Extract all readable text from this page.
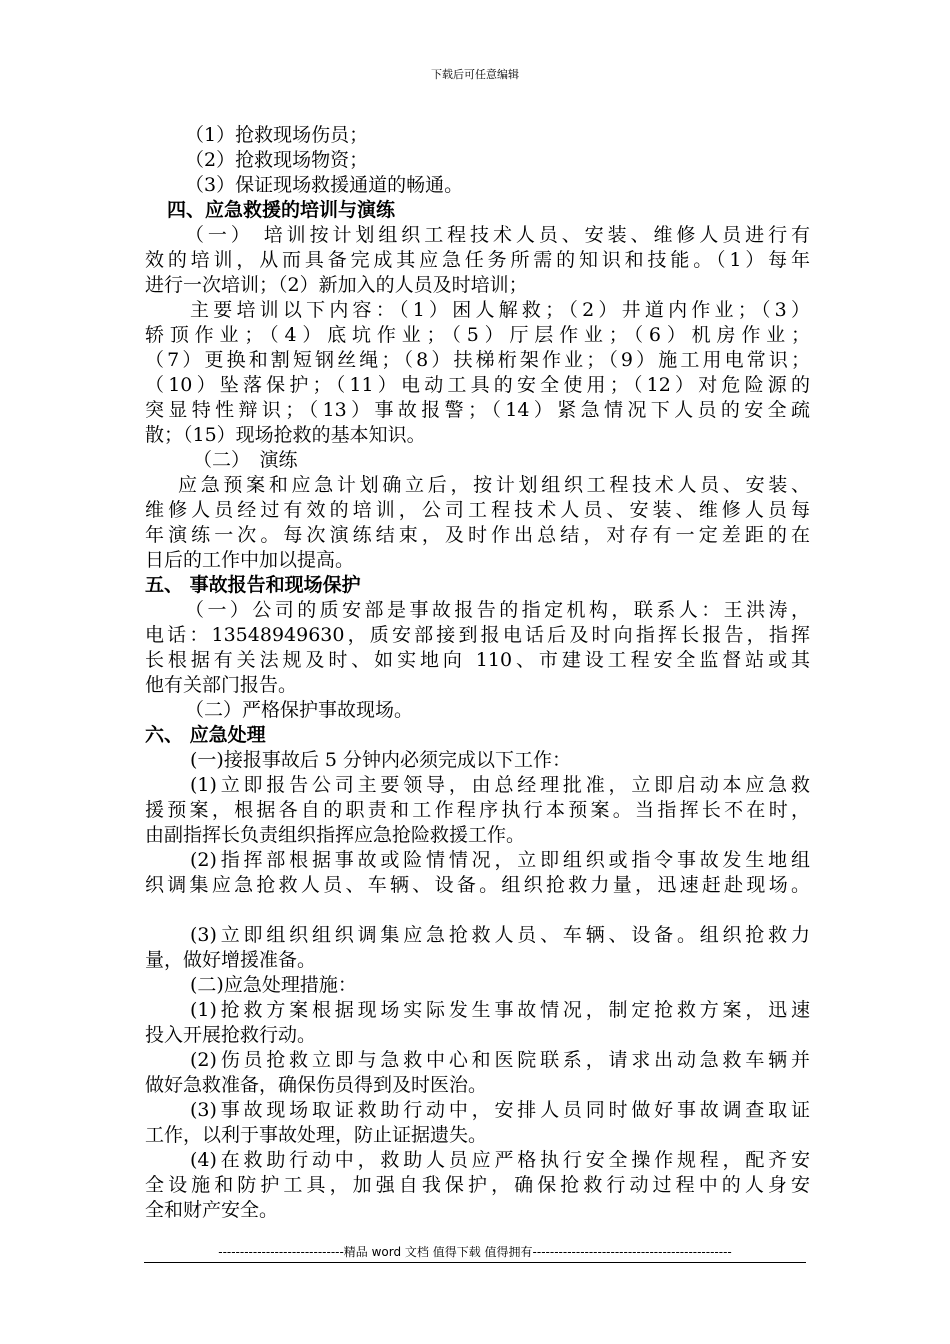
下载后可任意编辑
（1）抢救现场伤员；
（2）抢救现场物资；
（3）保证现场救援通道的畅通。
四、应急救援的培训与演练
（一） 培训按计划组织工程技术人员、安装、维修人员进行有
效的培训，从而具备完成其应急任务所需的知识和技能。（1）每年
进行一次培训；（2）新加入的人员及时培训；
主要培训以下内容：（1）困人解救；（2）井道内作业；（3）
轿顶作业；（4）底坑作业；（5）厅层作业；（6）机房作业；
（7）更换和割短钢丝绳；（8）扶梯桁架作业；（9）施工用电常识；
（10）坠落保护；（11）电动工具的安全使用；（12）对危险源的
突显特性辩识；（13）事故报警；（14）紧急情况下人员的安全疏
散；（15）现场抢救的基本知识。
（二）　演练
应急预案和应急计划确立后，按计划组织工程技术人员、安装、
维修人员经过有效的培训，公司工程技术人员、安装、维修人员每
年演练一次。每次演练结束，及时作出总结，对存有一定差距的在
日后的工作中加以提高。
五、 事故报告和现场保护
（一）公司的质安部是事故报告的指定机构，联系人：王洪涛，
电话：13548949630，质安部接到报电话后及时向指挥长报告，指挥
长根据有关法规及时、如实地向 110、市建设工程安全监督站或其
他有关部门报告。
（二）严格保护事故现场。
六、 应急处理
(一)接报事故后 5 分钟内必须完成以下工作：
(1)立即报告公司主要领导，由总经理批准，立即启动本应急救
援预案，根据各自的职责和工作程序执行本预案。当指挥长不在时，
由副指挥长负责组织指挥应急抢险救援工作。
(2)指挥部根据事故或险情情况，立即组织或指令事故发生地组
织调集应急抢救人员、车辆、设备。组织抢救力量，迅速赶赴现场。
(3)立即组织组织调集应急抢救人员、车辆、设备。组织抢救力
量，做好增援准备。
(二)应急处理措施：
(1)抢救方案根据现场实际发生事故情况，制定抢救方案，迅速
投入开展抢救行动。
(2)伤员抢救立即与急救中心和医院联系，请求出动急救车辆并
做好急救准备，确保伤员得到及时医治。
(3)事故现场取证救助行动中，安排人员同时做好事故调查取证
工作，以利于事故处理，防止证据遗失。
(4)在救助行动中，救助人员应严格执行安全操作规程，配齐安
全设施和防护工具，加强自我保护，确保抢救行动过程中的人身安
全和财产安全。
-----------------------------精品 word 文档 值得下载 值得拥有----------------------------------------------
